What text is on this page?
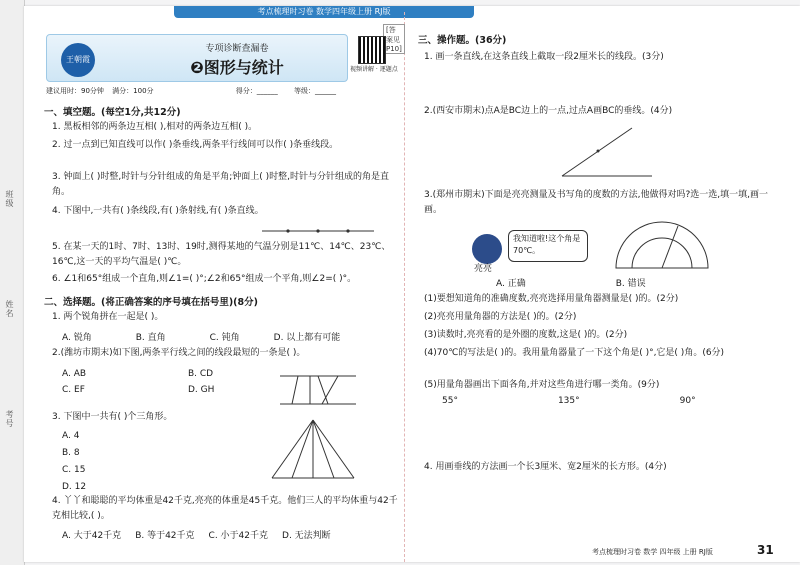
班级
姓名
考号
考点梳理时习卷 数学四年级上册 RJ版
[答案见P10]
王朝霞
专项诊断查漏卷
❷图形与统计	视频讲解 · 逐题点
建议用时：90分钟 满分：100分	得分：______ 等级：______
一、填空题。(每空1分,共12分)
1. 黑板相邻的两条边互相( ),相对的两条边互相( )。
2. 过一点到已知直线可以作( )条垂线,两条平行线间可以作( )条垂线段。
3. 钟面上( )时整,时针与分针组成的角是平角;钟面上( )时整,时针与分针组成的角是直角。
4. 下图中,一共有( )条线段,有( )条射线,有( )条直线。
5. 在某一天的1时、7时、13时、19时,测得某地的气温分别是11℃、14℃、23℃、16℃,这一天的平均气温是( )℃。
6. ∠1和65°组成一个直角,则∠1=( )°;∠2和65°组成一个平角,则∠2=( )°。
二、选择题。(将正确答案的序号填在括号里)(8分)
1. 两个锐角拼在一起是( )。
A. 锐角	B. 直角	C. 钝角	D. 以上都有可能
2.(潍坊市期末)如下图,两条平行线之间的线段最短的一条是( )。
A. AB
C. EF
B. CD
D. GH
3. 下图中一共有( )个三角形。
A. 4
B. 8
C. 15
D. 12
4. 丫丫和聪聪的平均体重是42千克,亮亮的体重是45千克。他们三人的平均体重与42千克相比较,( )。
A. 大于42千克 B. 等于42千克 C. 小于42千克 D. 无法判断
三、操作题。(36分)
1. 画一条直线,在这条直线上截取一段2厘米长的线段。(3分)
2.(西安市期末)点A是BC边上的一点,过点A画BC的垂线。(4分)
3.(郑州市期末)下面是亮亮测量及书写角的度数的方法,他做得对吗?选一选,填一填,画一画。
我知道啦!这个角是70℃。
亮亮
A. 正确	B. 错误
(1)要想知道角的准确度数,亮亮选择用量角器测量是( )的。(2分)
(2)亮亮用量角器的方法是( )的。(2分)
(3)读数时,亮亮看的是外圈的度数,这是( )的。(2分)
(4)70℃的写法是( )的。我用量角器量了一下这个角是( )°,它是( )角。(6分)
(5)用量角器画出下面各角,并对这些角进行哪一类角。(9分)
55°	135°	90°
4. 用画垂线的方法画一个长3厘米、宽2厘米的长方形。(4分)
考点梳理时习卷 数学 四年级 上册 RJ版	31
